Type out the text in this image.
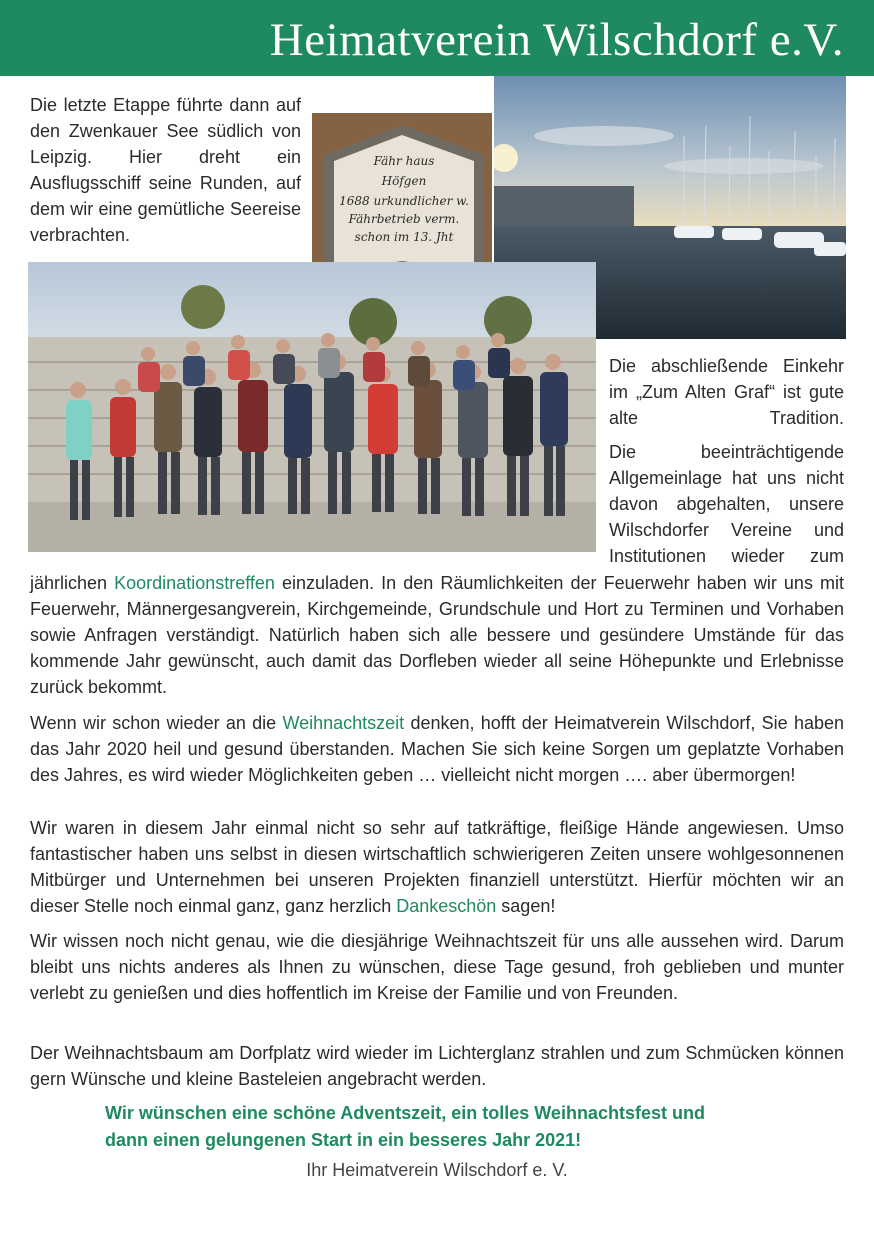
Heimatverein Wilschdorf e.V.

Die letzte Etappe führte dann auf den Zwenkauer See südlich von Leipzig. Hier dreht ein Ausflugsschiff seine Runden, auf dem wir eine gemütliche Seereise verbrachten.

Fähr haus
Höfgen
1688 urkundlicher w.
Fährbetrieb verm.
schon im 13. Jht

Die abschließende Einkehr im „Zum Alten Graf“ ist gute alte Tradition.

Die beeinträchtigende Allgemeinlage hat uns nicht davon abgehalten, unsere Wilschdorfer Vereine und Institutionen wieder zum

jährlichen Koordinationstreffen einzuladen. In den Räumlichkeiten der Feuerwehr haben wir uns mit Feuerwehr, Männergesangverein, Kirchgemeinde, Grundschule und Hort zu Terminen und Vorhaben sowie Anfragen verständigt. Natürlich haben sich alle bessere und gesündere Umstände für das kommende Jahr gewünscht, auch damit das Dorfleben wieder all seine Höhepunkte und Erlebnisse zurück bekommt.

Wenn wir schon wieder an die Weihnachtszeit denken, hofft der Heimatverein Wilschdorf, Sie haben das Jahr 2020 heil und gesund überstanden. Machen Sie sich keine Sorgen um geplatzte Vorhaben des Jahres, es wird wieder Möglichkeiten geben … vielleicht nicht morgen …. aber übermorgen!

Wir waren in diesem Jahr einmal nicht so sehr auf tatkräftige, fleißige Hände angewiesen. Umso fantastischer haben uns selbst in diesen wirtschaftlich schwierigeren Zeiten unsere wohlgesonnenen Mitbürger und Unternehmen bei unseren Projekten finanziell unterstützt. Hierfür möchten wir an dieser Stelle noch einmal ganz, ganz herzlich Dankeschön sagen!

Wir wissen noch nicht genau, wie die diesjährige Weihnachtszeit für uns alle aussehen wird. Darum bleibt uns nichts anderes als Ihnen zu wünschen, diese Tage gesund, froh geblieben und munter verlebt zu genießen und dies hoffentlich im Kreise der Familie und von Freunden.

Der Weihnachtsbaum am Dorfplatz wird wieder im Lichterglanz strahlen und zum Schmücken können gern Wünsche und kleine Basteleien angebracht werden.

Wir wünschen eine schöne Adventszeit, ein tolles Weihnachtsfest und
dann einen gelungenen Start in ein besseres Jahr 2021!

Ihr Heimatverein Wilschdorf e. V.
